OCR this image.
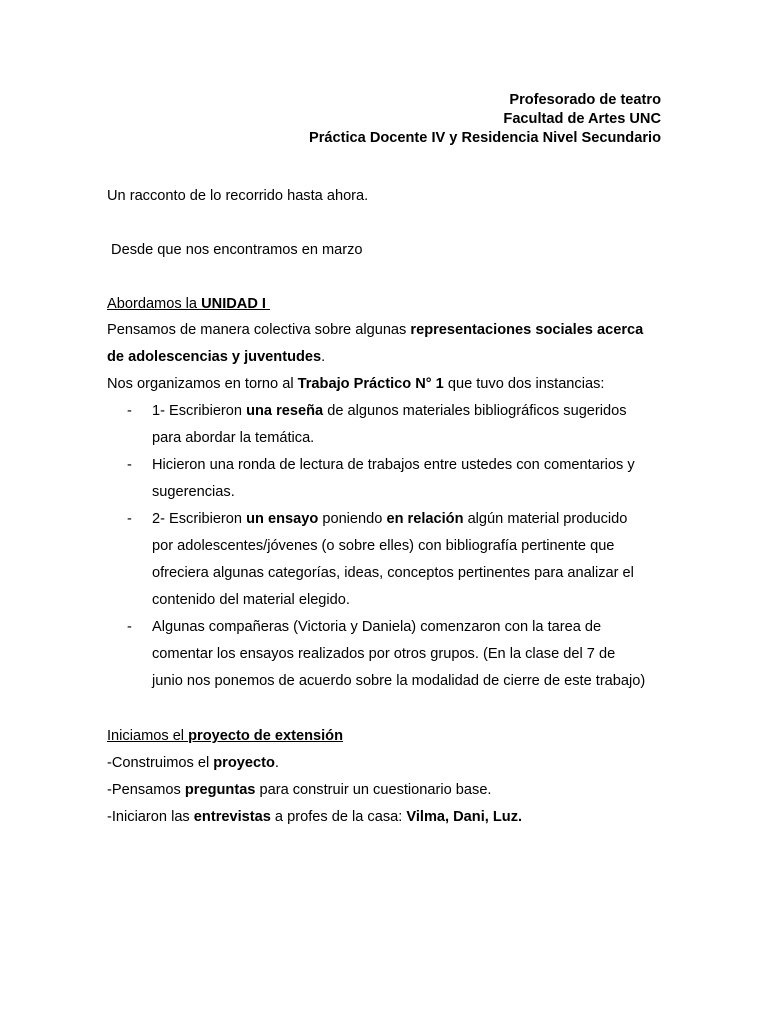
Profesorado de teatro
Facultad de Artes UNC
Práctica Docente IV y Residencia Nivel Secundario
Un racconto de lo recorrido hasta ahora.
Desde que nos encontramos en marzo
Abordamos la UNIDAD I
Pensamos de manera colectiva sobre algunas representaciones sociales acerca
de adolescencias y juventudes.
Nos organizamos en torno al Trabajo Práctico N° 1 que tuvo dos instancias:
- 1- Escribieron una reseña de algunos materiales bibliográficos sugeridos
para abordar la temática.
- Hicieron una ronda de lectura de trabajos entre ustedes con comentarios y
sugerencias.
- 2- Escribieron un ensayo poniendo en relación algún material producido
por adolescentes/jóvenes (o sobre elles) con bibliografía pertinente que
ofreciera algunas categorías, ideas, conceptos pertinentes para analizar el
contenido del material elegido.
- Algunas compañeras (Victoria y Daniela) comenzaron con la tarea de
comentar los ensayos realizados por otros grupos. (En la clase del 7 de
junio nos ponemos de acuerdo sobre la modalidad de cierre de este trabajo)
Iniciamos el proyecto de extensión
-Construimos el proyecto.
-Pensamos preguntas para construir un cuestionario base.
-Iniciaron las entrevistas a profes de la casa: Vilma, Dani, Luz.
